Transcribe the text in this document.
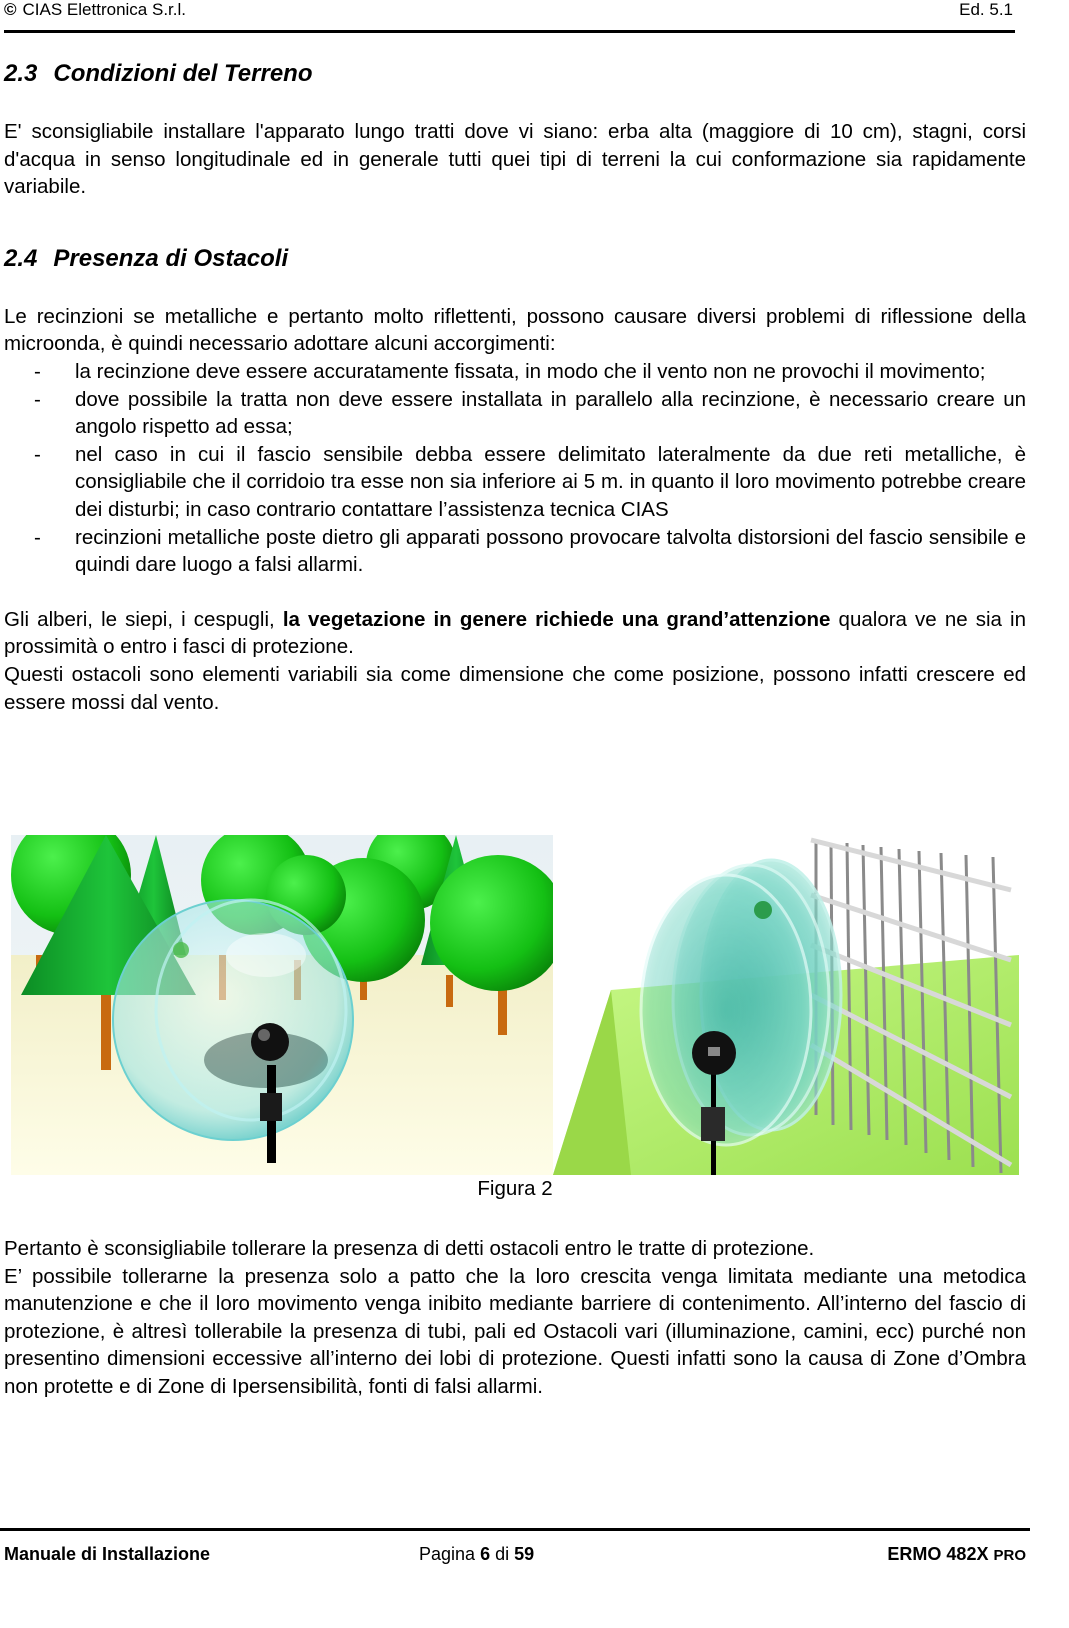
© CIAS Elettronica S.r.l.	Ed. 5.1
2.3 Condizioni del Terreno

E' sconsigliabile installare l'apparato lungo tratti dove vi siano: erba alta (maggiore di 10 cm), stagni, corsi d'acqua in senso longitudinale ed in generale tutti quei tipi di terreni la cui conformazione sia rapidamente variabile.

2.4 Presenza di Ostacoli

Le recinzioni se metalliche e pertanto molto riflettenti, possono causare diversi problemi di riflessione della microonda, è quindi necessario adottare alcuni accorgimenti:

- la recinzione deve essere accuratamente fissata, in modo che il vento non ne provochi il movimento;
- dove possibile la tratta non deve essere installata in parallelo alla recinzione, è necessario creare un angolo rispetto ad essa;
- nel caso in cui il fascio sensibile debba essere delimitato lateralmente da due reti metalliche, è consigliabile che il corridoio tra esse non sia inferiore ai 5 m. in quanto il loro movimento potrebbe creare dei disturbi; in caso contrario contattare l’assistenza tecnica CIAS
- recinzioni metalliche poste dietro gli apparati possono provocare talvolta distorsioni del fascio sensibile e quindi dare luogo a falsi allarmi.

Gli alberi, le siepi, i cespugli, la vegetazione in genere richiede una grand’attenzione qualora ve ne sia in prossimità o entro i fasci di protezione.

Questi ostacoli sono elementi variabili sia come dimensione che come posizione, possono infatti crescere ed essere mossi dal vento.

Figura 2

Pertanto è sconsigliabile tollerare la presenza di detti ostacoli entro le tratte di protezione.

E’ possibile tollerarne la presenza solo a patto che la loro crescita venga limitata mediante una metodica manutenzione e che il loro movimento venga inibito mediante barriere di contenimento. All’interno del fascio di protezione, è altresì tollerabile la presenza di tubi, pali ed Ostacoli vari (illuminazione, camini, ecc) purché non presentino dimensioni eccessive all’interno dei lobi di protezione. Questi infatti sono la causa di Zone d’Ombra non protette e di Zone di Ipersensibilità, fonti di falsi allarmi.

Manuale di Installazione	Pagina 6 di 59	ERMO 482X PRO
